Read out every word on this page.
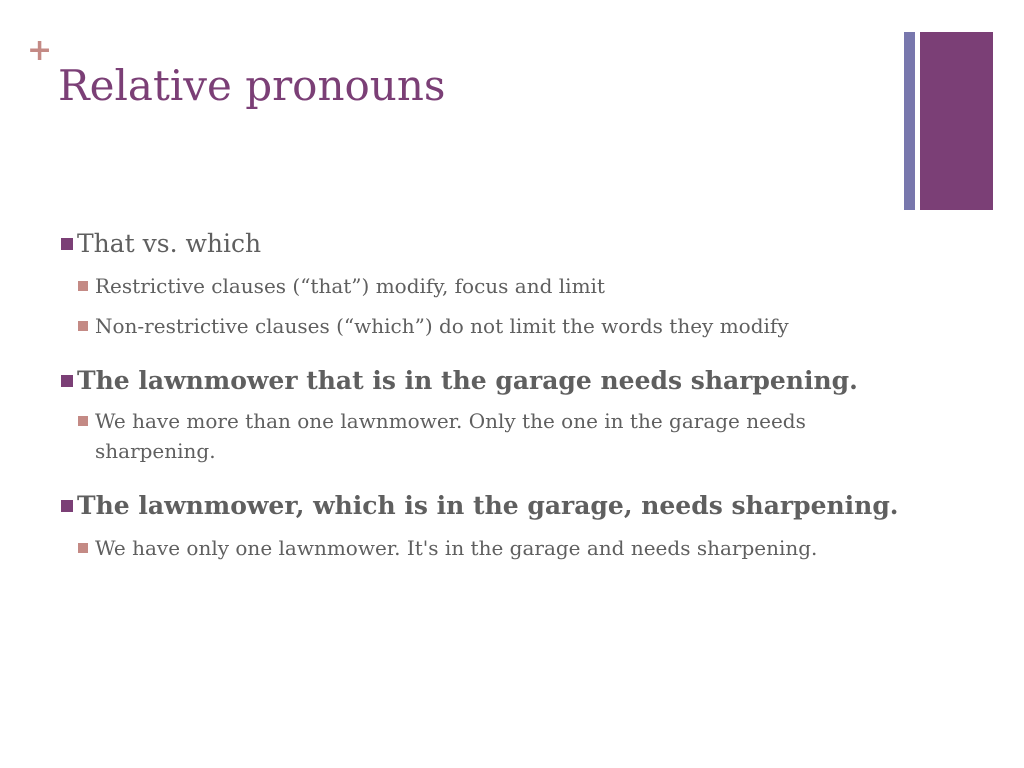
+
Relative pronouns
That vs. which
Restrictive clauses (“that”) modify, focus and limit
Non-restrictive clauses (“which”) do not limit the words they modify
The lawnmower that is in the garage needs sharpening.
We have more than one lawnmower. Only the one in the garage needs sharpening.
The lawnmower, which is in the garage, needs sharpening.
We have only one lawnmower. It's in the garage and needs sharpening.
